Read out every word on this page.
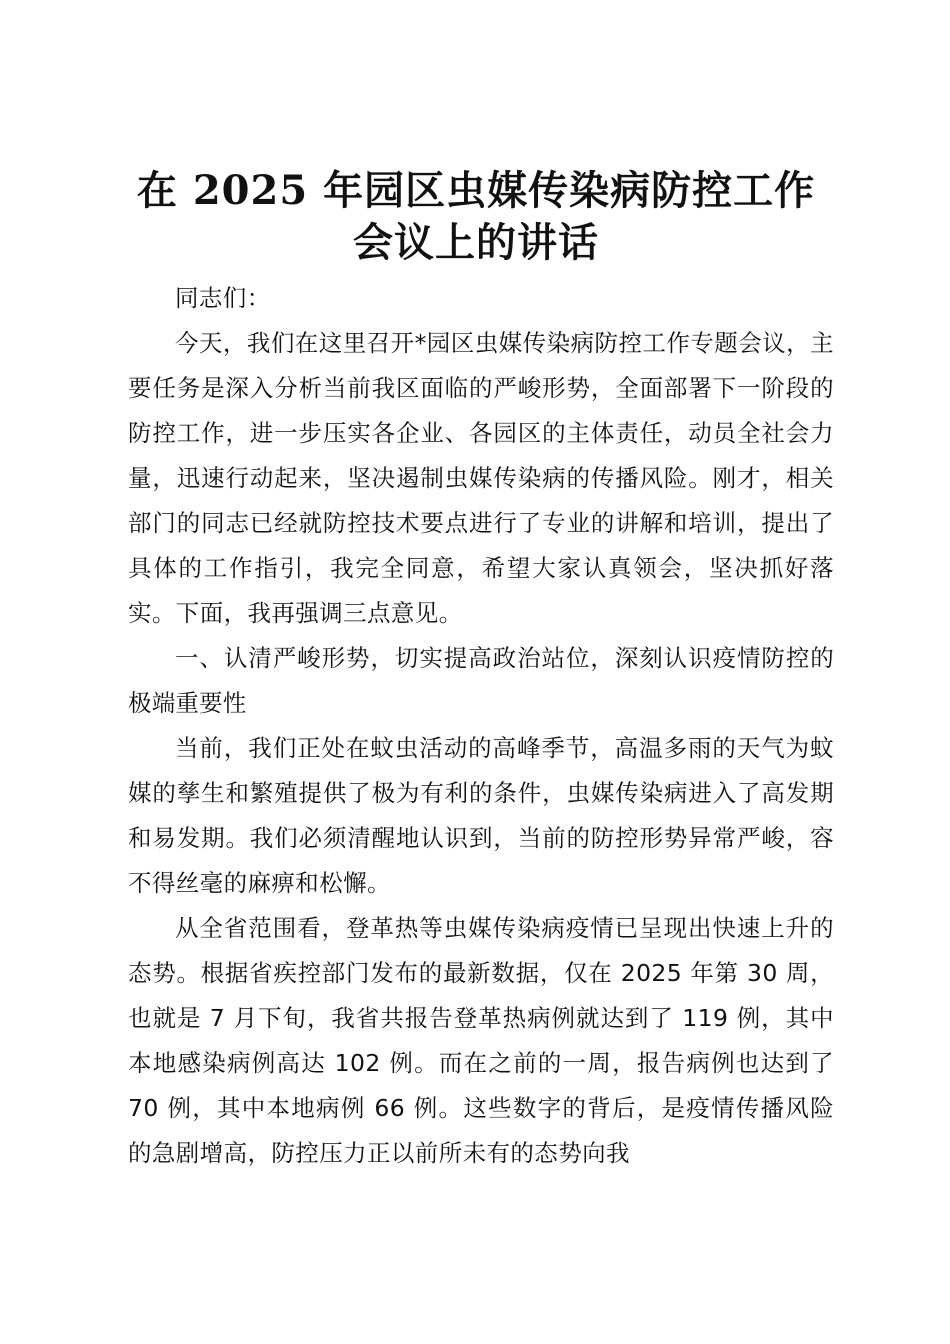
在 2025 年园区虫媒传染病防控工作会议上的讲话

同志们：

今天，我们在这里召开*园区虫媒传染病防控工作专题会议，主要任务是深入分析当前我区面临的严峻形势，全面部署下一阶段的防控工作，进一步压实各企业、各园区的主体责任，动员全社会力量，迅速行动起来，坚决遏制虫媒传染病的传播风险。刚才，相关部门的同志已经就防控技术要点进行了专业的讲解和培训，提出了具体的工作指引，我完全同意，希望大家认真领会，坚决抓好落实。下面，我再强调三点意见。

一、认清严峻形势，切实提高政治站位，深刻认识疫情防控的极端重要性

当前，我们正处在蚊虫活动的高峰季节，高温多雨的天气为蚊媒的孳生和繁殖提供了极为有利的条件，虫媒传染病进入了高发期和易发期。我们必须清醒地认识到，当前的防控形势异常严峻，容不得丝毫的麻痹和松懈。

从全省范围看，登革热等虫媒传染病疫情已呈现出快速上升的态势。根据省疾控部门发布的最新数据，仅在 2025 年第 30 周，也就是 7 月下旬，我省共报告登革热病例就达到了 119 例，其中本地感染病例高达 102 例。而在之前的一周，报告病例也达到了 70 例，其中本地病例 66 例。这些数字的背后，是疫情传播风险的急剧增高，防控压力正以前所未有的态势向我
